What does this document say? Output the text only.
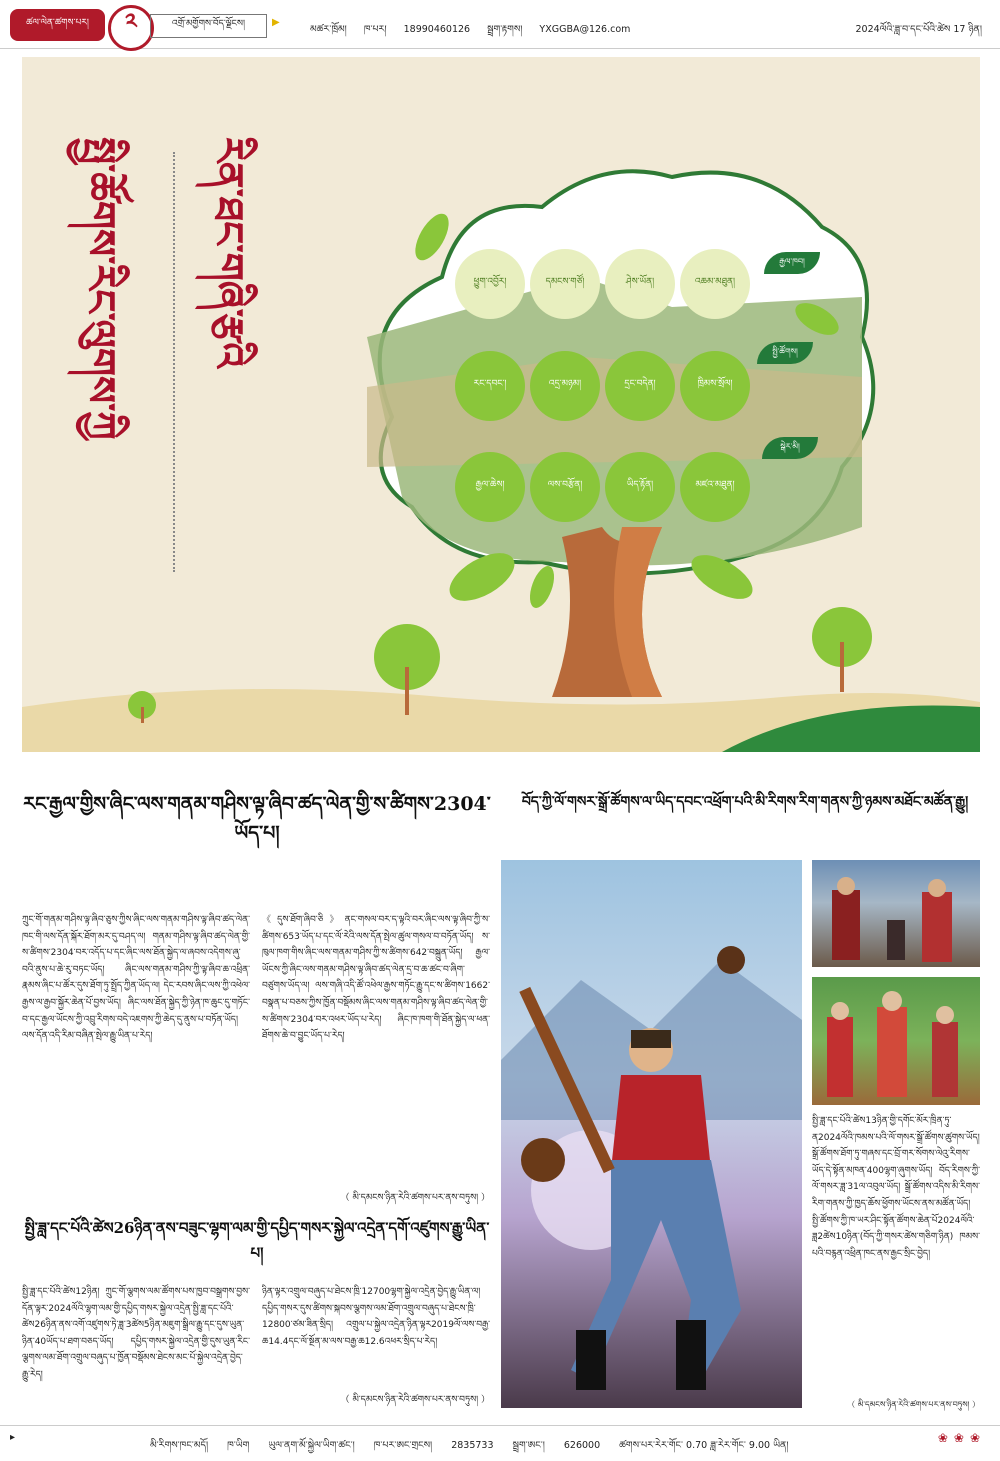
ཚལ་ལེན་ཚགས་པར།	༢	འགྲོ་མགྱོགས་བོད་ལྗོངས།	▶
མཚར་ཁྲོམ། ཁ་པར། 18990460126 སྦྲག་རྟགས། YXGGBA@126.com	2024ལོའི་ཟླ་བ་དང་པོའི་ཚེས 17 ཉིན།
སྤྱི་ཚོགས་རིང་ལུགས་ཀྱི རིན་ཐང་གཞི་རྩའི	ཕྱུག་འབྱོར།	དམངས་གཙོ།	ཤེས་ཡོན།	འཆམ་མཐུན།
རྒྱལ་ཁབ།
རང་དབང་།	འདྲ་མཉམ།	དྲང་བདེན།	ཁྲིམས་སྲོལ།
སྤྱི་ཚོགས།
རྒྱལ་ཆེས།	ལས་བརྩོན།	ཡིད་རྟོན།	མཛའ་མཐུན།
སྒེར་མི།
རང་རྒྱལ་གྱིས་ཞིང་ལས་གནམ་གཤིས་ལྟ་ཞིབ་ཚད་ལེན་གྱི་ས་ཚིགས་2304་ཡོད་པ།
ཀྲུང་གོ་གནམ་གཤིས་ལྟ་ཞིབ་ཅུས་ཀྱིས་ཞིང་ལས་གནམ་གཤིས་ལྟ་ཞིབ་ཚད་ལེན་ཁང་གི་ལས་དོན་སྐོར་ཐོག་མར་དུ་བཤད་ལ། གནམ་གཤིས་ལྟ་ཞིབ་ཚད་ལེན་གྱི་ས་ཚིགས་2304་བར་འདོད་པ་དང་ཞིང་ལས་ཐོན་སྐྱེད་ལ་ཞབས་འདེགས་ཞུ་བའི་ནུས་པ་ཆེ་རུ་བཏང་ཡོད། ཞིང་ལས་གནམ་གཤིས་ཀྱི་ལྟ་ཞིབ་ཆ་འཕྲིན་རྣམས་ཞིང་པ་ཚོར་དུས་ཐོག་ཏུ་སྤྲོད་ཀྱིན་ཡོད་ལ། དེང་རབས་ཞིང་ལས་ཀྱི་འཕེལ་རྒྱས་ལ་རྒྱབ་སྐྱོར་ཆེན་པོ་བྱས་ཡོད། ཞིང་ལས་ཐོན་སྐྱེད་ཀྱི་ཉེན་ཁ་ཆུང་དུ་གཏོང་བ་དང་རྒྱལ་ཡོངས་ཀྱི་འབྲུ་རིགས་བདེ་འཇགས་ཀྱི་ཆེད་དུ་ནུས་པ་བཏོན་ཡོད། ལས་དོན་འདི་རིམ་བཞིན་སྤེལ་རྒྱུ་ཡིན་པ་རེད།
《དུས་ཐོག་ཞིབ་ཅི》ནང་གསལ་བར་ད་ལྟའི་བར་ཞིང་ལས་ལྟ་ཞིབ་ཀྱི་ས་ཚིགས་653་ཡོད་པ་དང་ལོ་རེའི་ལས་དོན་སྤེལ་ཚུལ་གསལ་བ་བཏོན་ཡོད། ས་ཁུལ་ཁག་གིས་ཞིང་ལས་གནམ་གཤིས་ཀྱི་ས་ཚིགས་642་བསྐྲུན་ཡོད། རྒྱལ་ཡོངས་ཀྱི་ཞིང་ལས་གནམ་གཤིས་ལྟ་ཞིབ་ཚད་ལེན་དྲ་བ་ཆ་ཚང་བ་ཞིག་བཙུགས་ཡོད་ལ། ལས་གཞི་འདི་ཚོ་འཕེལ་རྒྱས་གཏོང་རྒྱུ་དང་ས་ཚིགས་1662་བསྣན་པ་བཅས་ཀྱིས་ཁྱོན་བསྡོམས་ཞིང་ལས་གནམ་གཤིས་ལྟ་ཞིབ་ཚད་ལེན་གྱི་ས་ཚིགས་2304་བར་འཕར་ཡོད་པ་རེད། ཞིང་ཁ་ཁག་གི་ཐོན་སྐྱེད་ལ་ཕན་ཐོགས་ཆེ་བ་བྱུང་ཡོད་པ་རེད།
（ མི་དམངས་ཉིན་རེའི་ཚགས་པར་ནས་བཏུས། ）
སྤྱི་ཟླ་དང་པོའི་ཚེས26ཉིན་ནས་བཟུང་ལྷག་ལམ་གྱི་དཔྱིད་གསར་སྐྱེལ་འདྲེན་དགོ་འཛུགས་རྒྱུ་ཡིན་པ།
སྤྱི་ཟླ་དང་པོའི་ཚེས12ཉིན། ཀྲུང་གོ་ལྕགས་ལམ་ཚོགས་པས་ཁྱབ་བསྒྲགས་བྱས་དོན་ལྟར་2024ལོའི་ལྷག་ལམ་གྱི་དཔྱིད་གསར་སྐྱེལ་འདྲེན་སྤྱི་ཟླ་དང་པོའི་ཚེས26ཉིན་ནས་འགོ་འཛུགས་ཏེ་ཟླ་3ཚེས5ཉིན་མཇུག་སྒྲིལ་རྒྱུ་དང་དུས་ཡུན་ཉིན་40ཡོད་པ་ཐག་བཅད་ཡོད། དཔྱིད་གསར་སྐྱེལ་འདྲེན་གྱི་དུས་ཡུན་རིང་ལྕགས་ལམ་ཐོག་འགྲུལ་བཞུད་པ་ཁྱོན་བསྡོམས་ཐེངས་མང་པོ་སྐྱེལ་འདྲེན་བྱེད་རྒྱུ་རེད།
ཉིན་ལྟར་འགྲུལ་བཞུད་པ་ཐེངས་ཁྲི་12700ལྷག་སྐྱེལ་འདྲེན་བྱེད་རྒྱུ་ཡིན་ལ། དཔྱིད་གསར་དུས་ཚིགས་སྐབས་ལྕགས་ལམ་ཐོག་འགྲུལ་བཞུད་པ་ཐེངས་ཁྲི་12800་ཙམ་ཟིན་སྲིད། འགྲུལ་པ་སྐྱེལ་འདྲེན་ཉིན་ལྟར2019ལོ་ལས་བརྒྱ་ཆ14.4དང་ལོ་སྔོན་མ་ལས་བརྒྱ་ཆ12.6འཕར་སྲིད་པ་རེད།
（ མི་དམངས་ཉིན་རེའི་ཚགས་པར་ནས་བཏུས། ）
བོད་ཀྱི་ལོ་གསར་སྒྲོ་ཚོགས་ལ་ཡིད་དབང་འཕྲོག་པའི་མི་རིགས་རིག་གནས་ཀྱི་ཉམས་མཐོང་མཚོན་རྒྱུ།
སྤྱི་ཟླ་དང་པོའི་ཚེས13ཉིན་གྱི་དགོང་མོར་ཁྲིན་ཏུ་ན2024ལོའི་ཁམས་པའི་ལོ་གསར་སྒྲོ་ཚོགས་ཚུགས་ཡོད། སྒྲོ་ཚོགས་ཐོག་ཏུ་གཞས་དང་བྲོ་གར་སོགས་ལེའུ་རིགས་ཡོད་དེ་སྟོན་མཁན་400ལྷག་ཞུགས་ཡོད། བོད་རིགས་ཀྱི་ལོ་གསར་ཟླ་31ལ་འབུལ་ཡོད། སྒྲོ་ཚོགས་འདིས་མི་རིགས་རིག་གནས་ཀྱི་ཁྱད་ཆོས་ཕྱོགས་ཡོངས་ནས་མཚོན་ཡོད། སྤྱི་ཚོགས་ཀྱི་ཁ་ཡར་ཤིང་སྟོན་ཚོགས་ཆེན་པོ2024ལོའི་ཟླ2ཚེས10ཉིན་(བོད་ཀྱི་གསར་ཚེས་གཅིག་ཉིན) ཁམས་པའི་བརྙན་འཕྲིན་ཁང་ནས་རྒྱང་སྲིང་བྱེད།
（ མི་དམངས་ཉིན་རེའི་ཚགས་པར་ནས་བཏུས། ）
▸
མི་རིགས་ཁང་མདོ། ཁ་ཡིག ཡུལ་ནག་མོ་སྐྱེལ་ཡིག་ཚང་། ཁ་པར་ཨང་གྲངས། 2835733 སྦྲག་ཨང་། 626000 ཚགས་པར་རེར་གོང་ 0.70 ཟླ་རེར་གོང་ 9.00 ཡིན།
❀❀❀
